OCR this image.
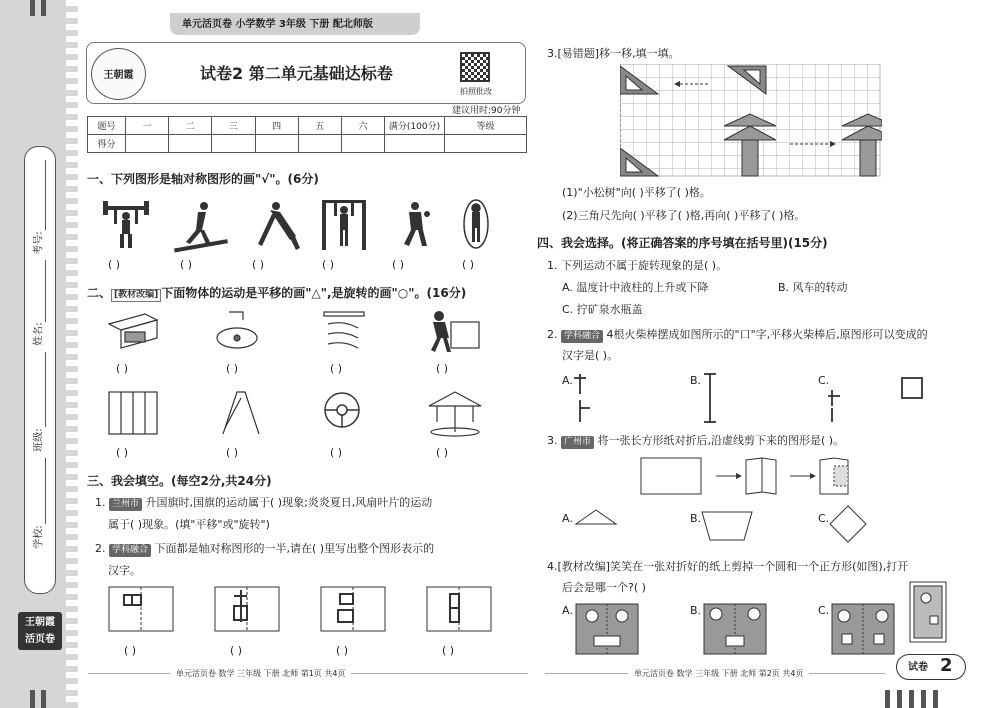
考号:
姓名:
班级:
学校:
王朝霞
活页卷
单元活页卷 小学数学 3年级 下册 配北师版
王朝霞	试卷2 第二单元基础达标卷
拍照批改
建议用时:90分钟
题号	一	二	三	四	五	六	满分(100分)	等级
得分								
一、下列图形是轴对称图形的画"√"。(6分)
( )	( )	( )	( )	( )	( )
二、 [教材改编] 下面物体的运动是平移的画"△",是旋转的画"○"。(16分)
( )	( )	( )	( )
( )	( )	( )	( )
三、我会填空。(每空2分,共24分)
1. 兰州市 升国旗时,国旗的运动属于( )现象;炎炎夏日,风扇叶片的运动
属于( )现象。(填"平移"或"旋转")
2. 学科融合 下面都是轴对称图形的一半,请在( )里写出整个图形表示的
汉字。
( )	( )	( )	( )
单元活页卷 数学 三年级 下册 北师 第1页 共4页
3.[易错题]移一移,填一填。
(1)"小松树"向( )平移了( )格。
(2)三角尺先向( )平移了( )格,再向( )平移了( )格。
四、我会选择。(将正确答案的序号填在括号里)(15分)
1. 下列运动不属于旋转现象的是( )。
A. 温度计中液柱的上升或下降	B. 风车的转动
C. 拧矿泉水瓶盖
2. 学科融合 4根火柴棒摆成如图所示的"口"字,平移火柴棒后,原图形可以变成的
汉字是( )。
A.	B.	C.
3. 广州市 将一张长方形纸对折后,沿虚线剪下来的图形是( )。
A.	B.	C.
4.[教材改编]笑笑在一张对折好的纸上剪掉一个圆和一个正方形(如图),打开
后会是哪一个?( )
A.	B.	C.
单元活页卷 数学 三年级 下册 北师 第2页 共4页
试卷 2
